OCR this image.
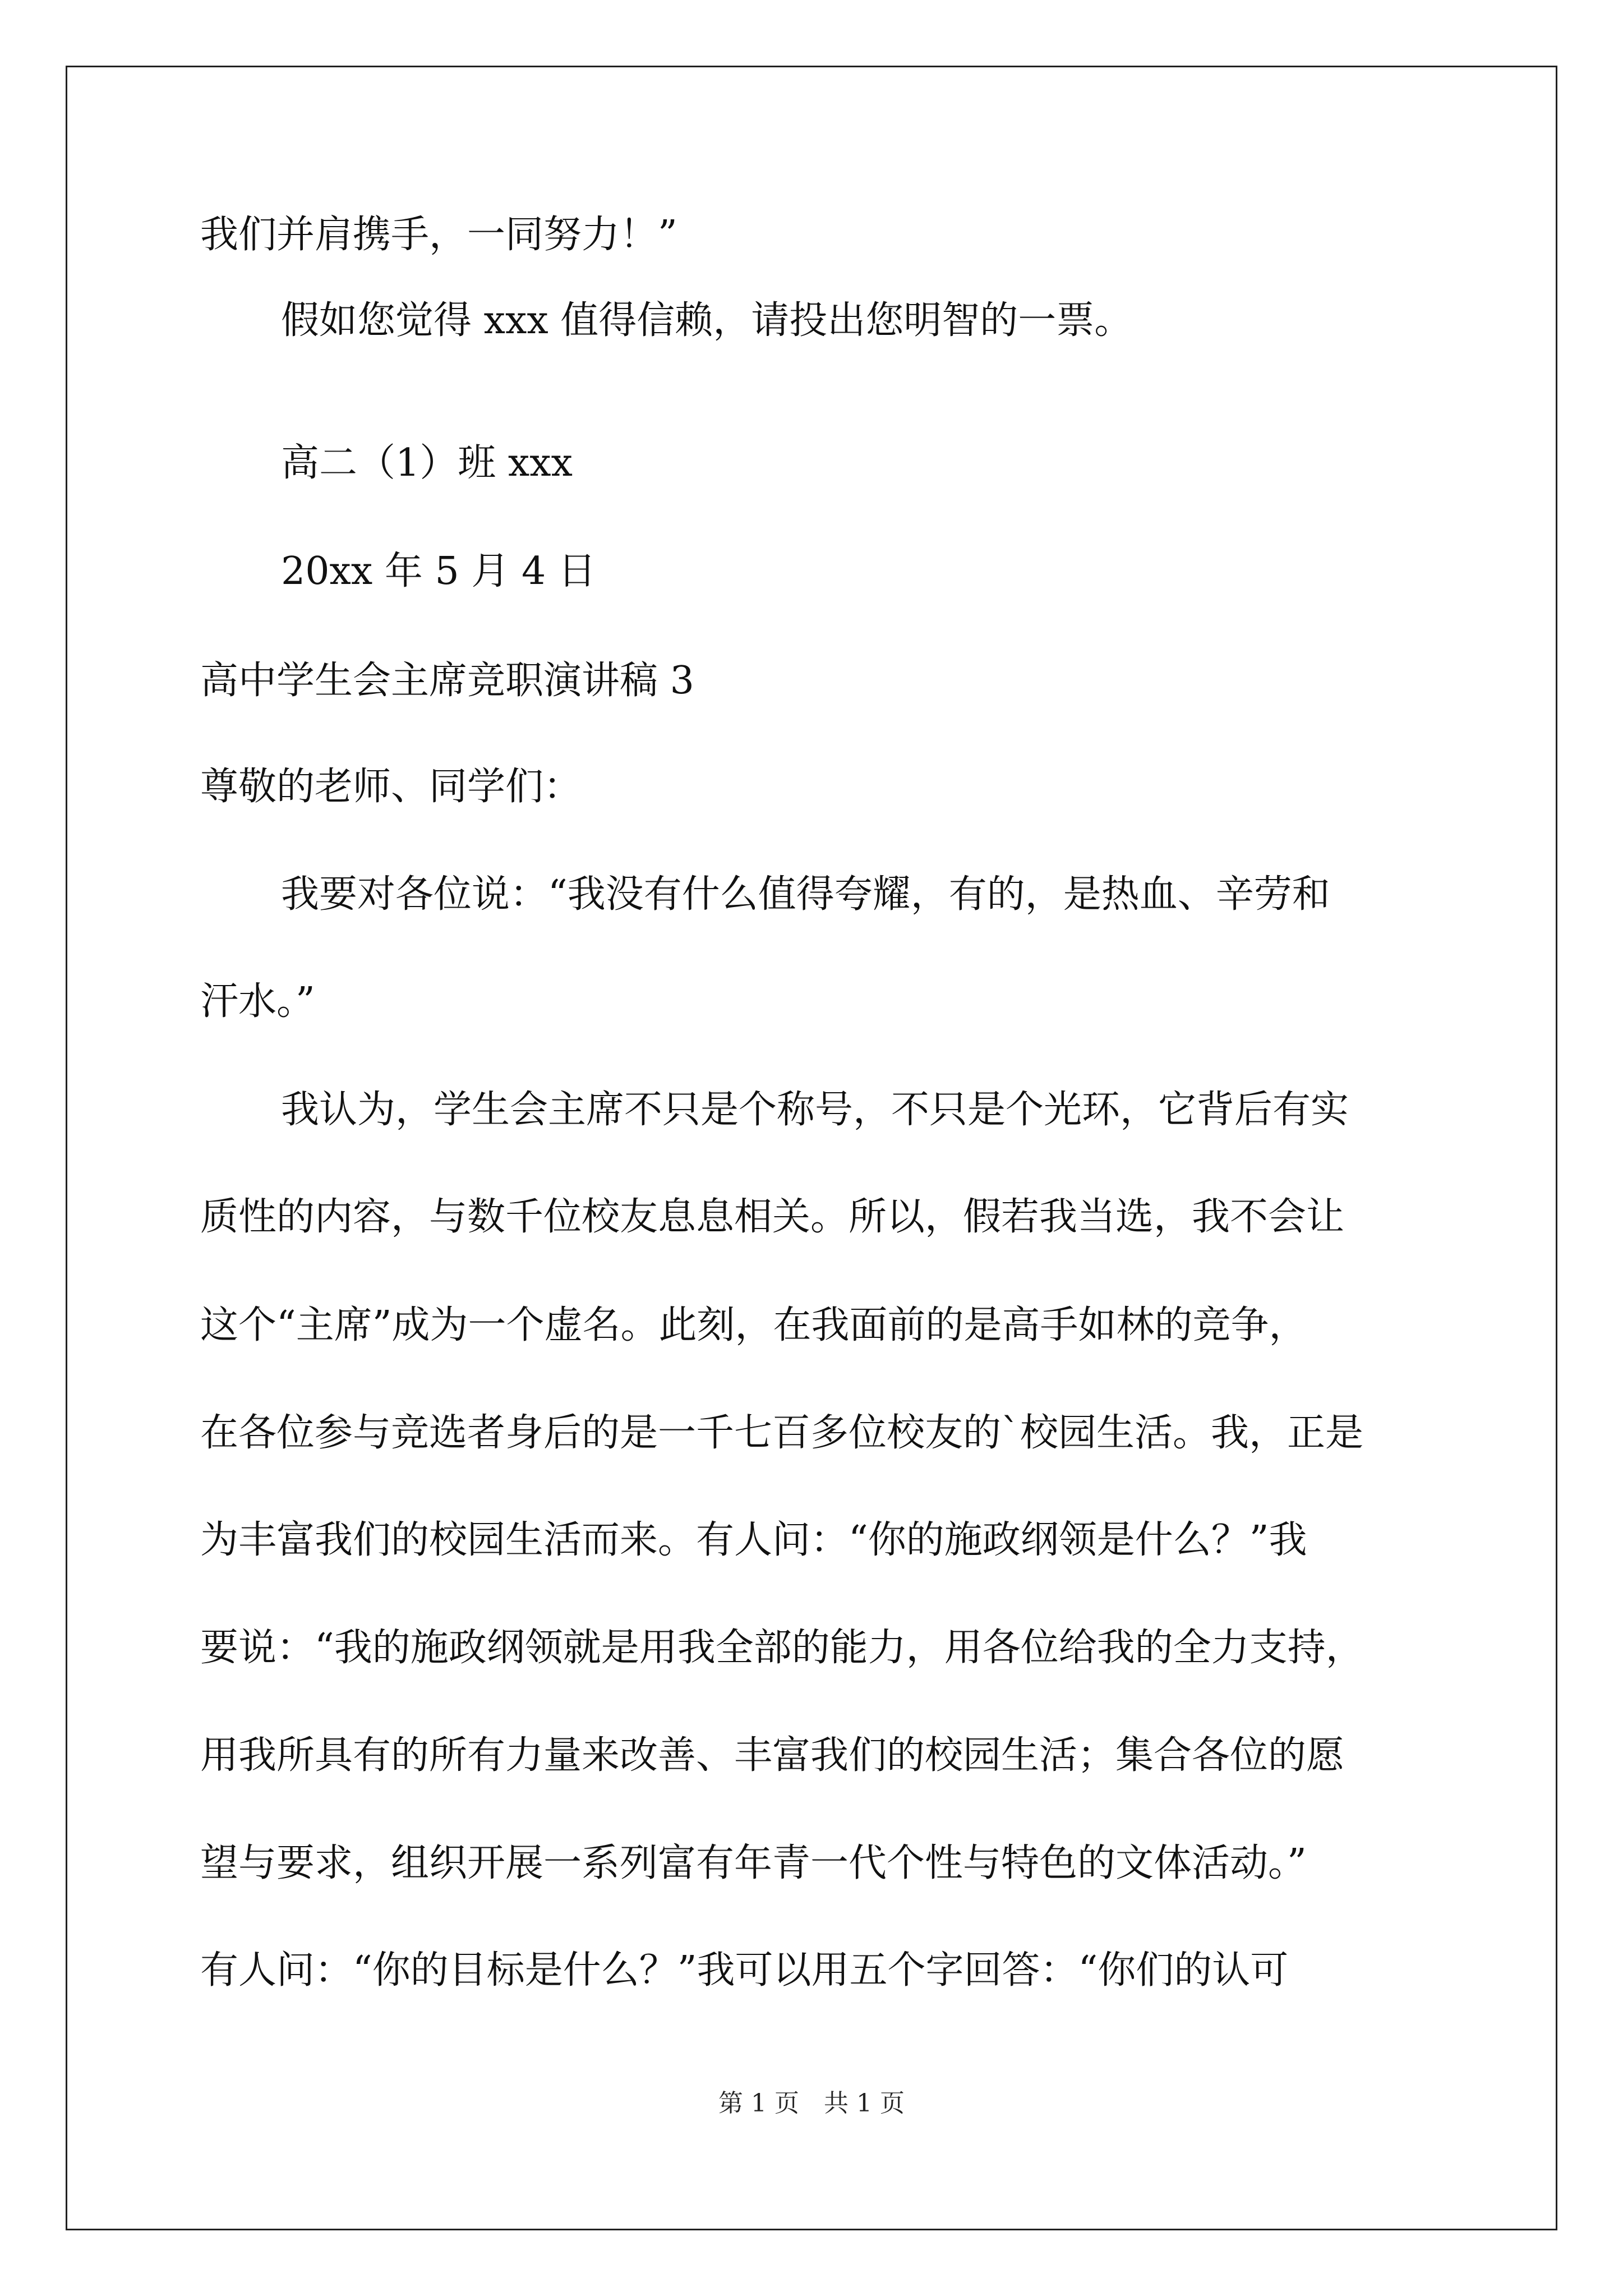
我们并肩携手，一同努力！”
假如您觉得 xxx 值得信赖，请投出您明智的一票。
高二（1）班 xxx
20xx 年 5 月 4 日
高中学生会主席竞职演讲稿 3
尊敬的老师、同学们：
我要对各位说：“我没有什么值得夸耀，有的，是热血、辛劳和
汗水。”
我认为，学生会主席不只是个称号，不只是个光环，它背后有实
质性的内容，与数千位校友息息相关。所以，假若我当选，我不会让
这个“主席”成为一个虚名。此刻，在我面前的是高手如林的竞争，
在各位参与竞选者身后的是一千七百多位校友的`校园生活。我，正是
为丰富我们的校园生活而来。有人问：“你的施政纲领是什么？”我
要说：“我的施政纲领就是用我全部的能力，用各位给我的全力支持，
用我所具有的所有力量来改善、丰富我们的校园生活；集合各位的愿
望与要求，组织开展一系列富有年青一代个性与特色的文体活动。”
有人问：“你的目标是什么？”我可以用五个字回答：“你们的认可
第 1 页　共 1 页
